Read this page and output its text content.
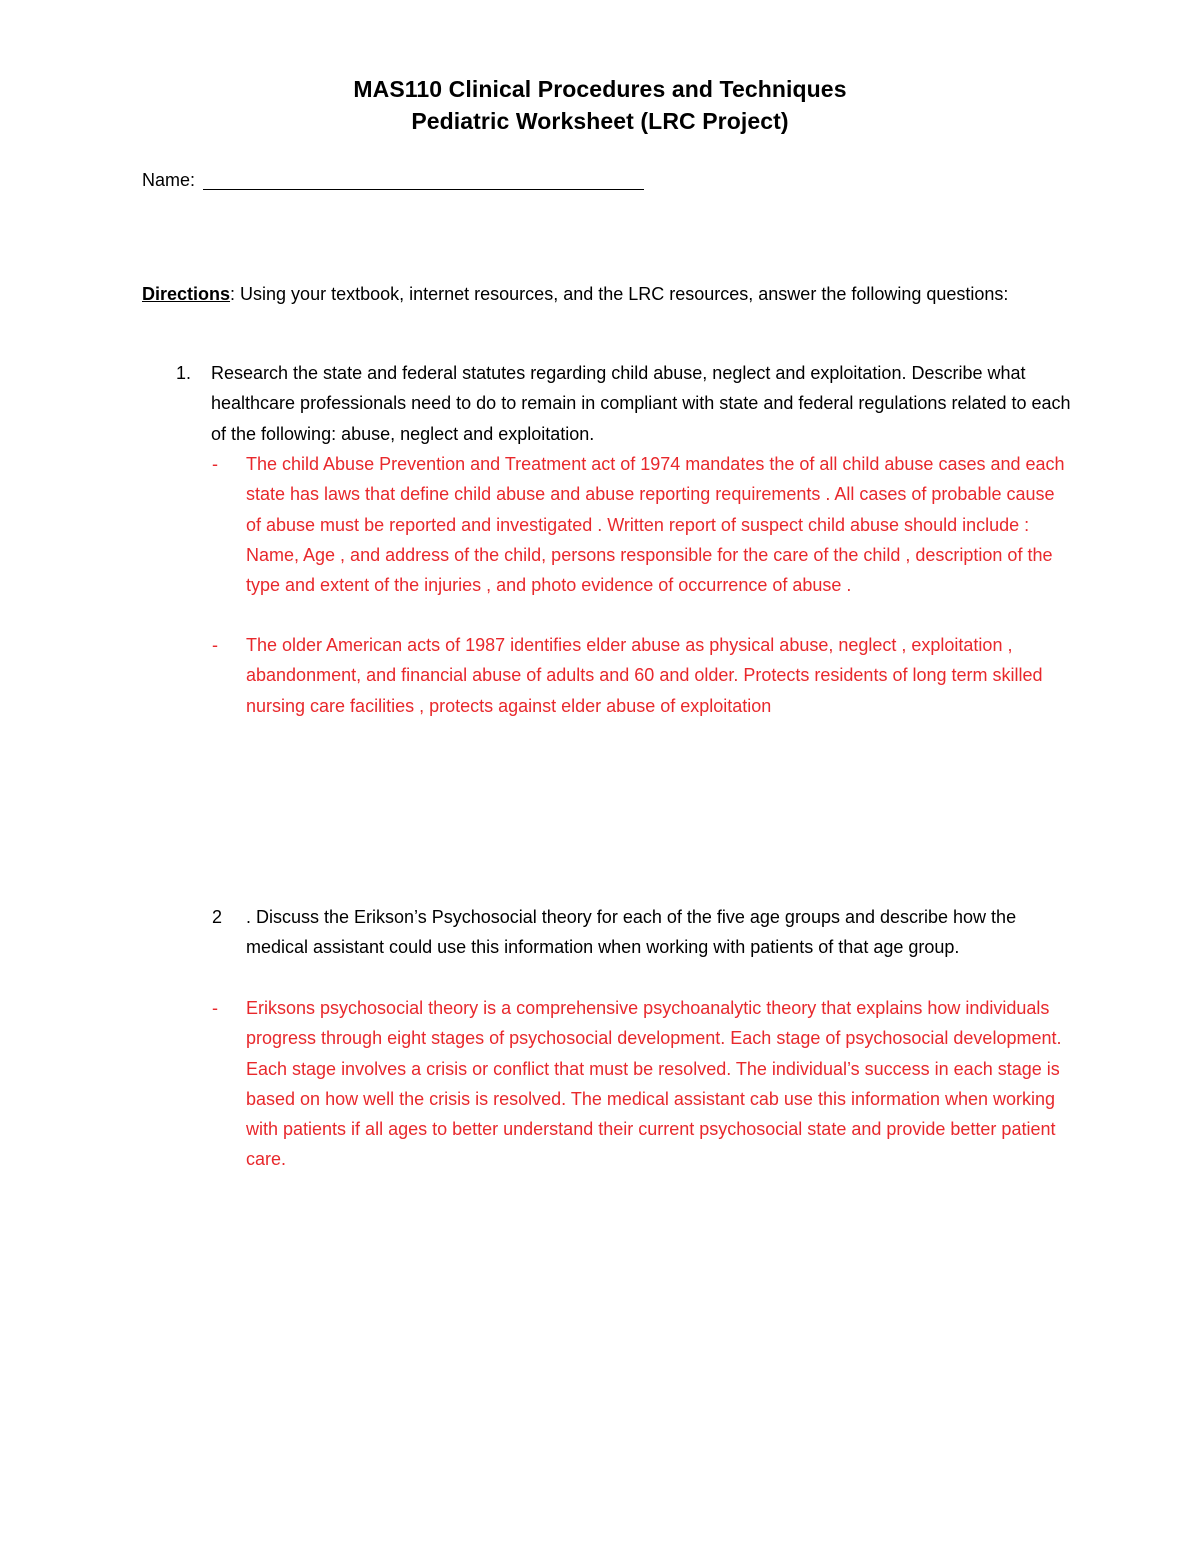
MAS110 Clinical Procedures and Techniques
Pediatric Worksheet (LRC Project)
Name:
Directions: Using your textbook, internet resources, and the LRC resources, answer the following questions:
1. Research the state and federal statutes regarding child abuse, neglect and exploitation. Describe what healthcare professionals need to do to remain in compliant with state and federal regulations related to each of the following: abuse, neglect and exploitation.
- The child Abuse Prevention and Treatment act of 1974 mandates the of all child abuse cases and each state has laws that define child abuse and abuse reporting requirements . All cases of probable cause of abuse must be reported and investigated . Written report of suspect child abuse should include : Name, Age , and address of the child, persons responsible for the care of the child , description of the type and extent of the injuries , and photo evidence of occurrence of abuse .
- The older American acts of 1987 identifies elder abuse as physical abuse, neglect , exploitation , abandonment, and financial abuse of adults and 60 and older. Protects residents of long term skilled nursing care facilities , protects against elder abuse of exploitation
2 . Discuss the Erikson’s Psychosocial theory for each of the five age groups and describe how the medical assistant could use this information when working with patients of that age group.
- Eriksons psychosocial theory is a comprehensive psychoanalytic theory that explains how individuals progress through eight stages of psychosocial development. Each stage of psychosocial development. Each stage involves a crisis or conflict that must be resolved. The individual’s success in each stage is based on how well the crisis is resolved. The medical assistant cab use this information when working with patients if all ages to better understand their current psychosocial state and provide better patient care.
